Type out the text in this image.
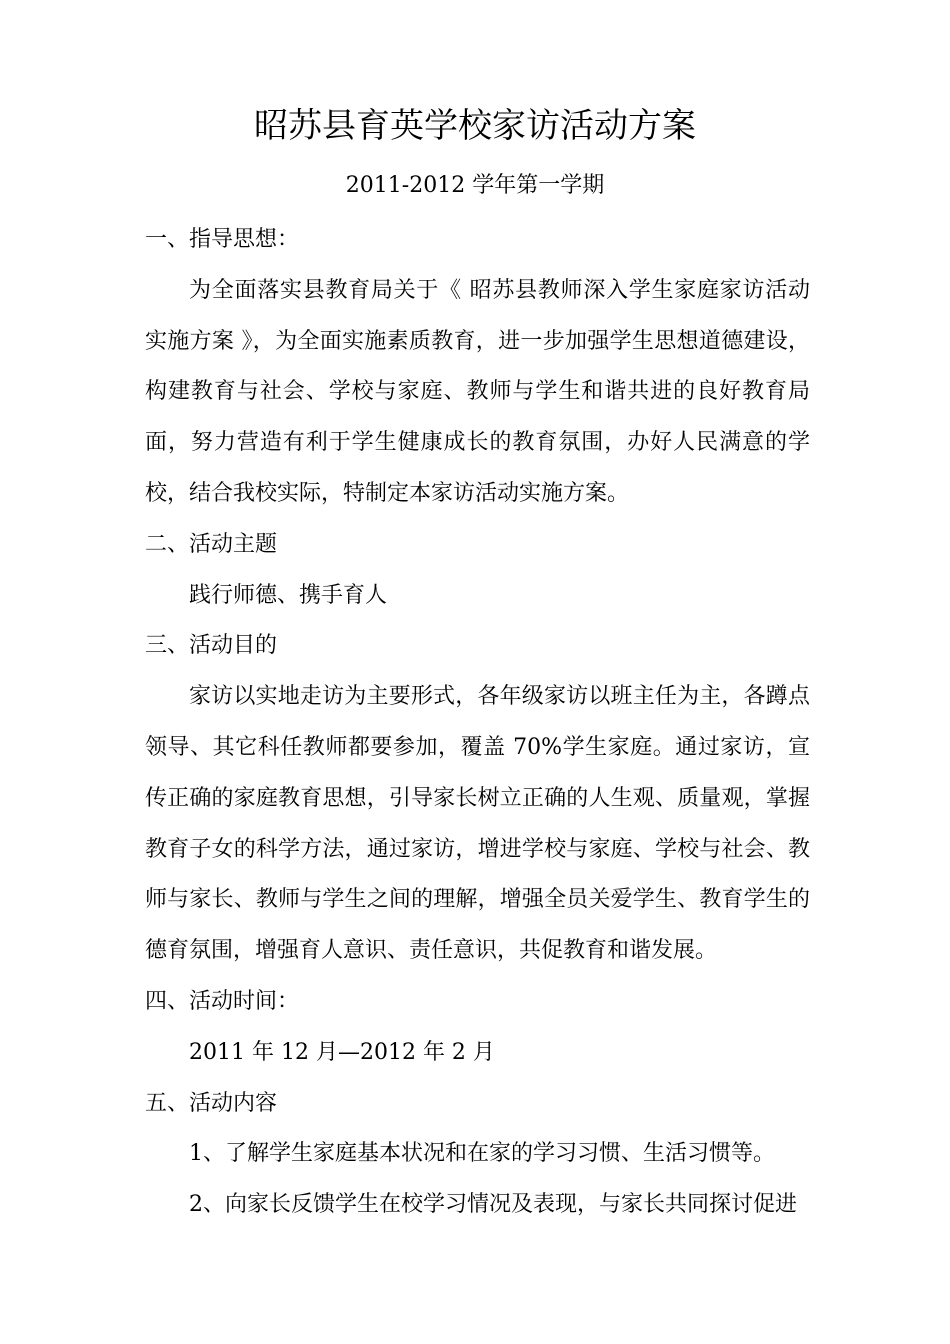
昭苏县育英学校家访活动方案
2011-2012 学年第一学期

一、指导思想：

为全面落实县教育局关于《 昭苏县教师深入学生家庭家访活动实施方案 》，为全面实施素质教育，进一步加强学生思想道德建设，构建教育与社会、学校与家庭、教师与学生和谐共进的良好教育局面，努力营造有利于学生健康成长的教育氛围，办好人民满意的学校，结合我校实际，特制定本家访活动实施方案。

二、活动主题

践行师德、携手育人

三、活动目的

家访以实地走访为主要形式，各年级家访以班主任为主，各蹲点领导、其它科任教师都要参加，覆盖 70%学生家庭。通过家访，宣传正确的家庭教育思想，引导家长树立正确的人生观、质量观，掌握教育子女的科学方法，通过家访，增进学校与家庭、学校与社会、教师与家长、教师与学生之间的理解，增强全员关爱学生、教育学生的德育氛围，增强育人意识、责任意识，共促教育和谐发展。

四、活动时间：

2011 年 12 月—2012 年 2 月

五、活动内容

1、了解学生家庭基本状况和在家的学习习惯、生活习惯等。

2、向家长反馈学生在校学习情况及表现，与家长共同探讨促进
